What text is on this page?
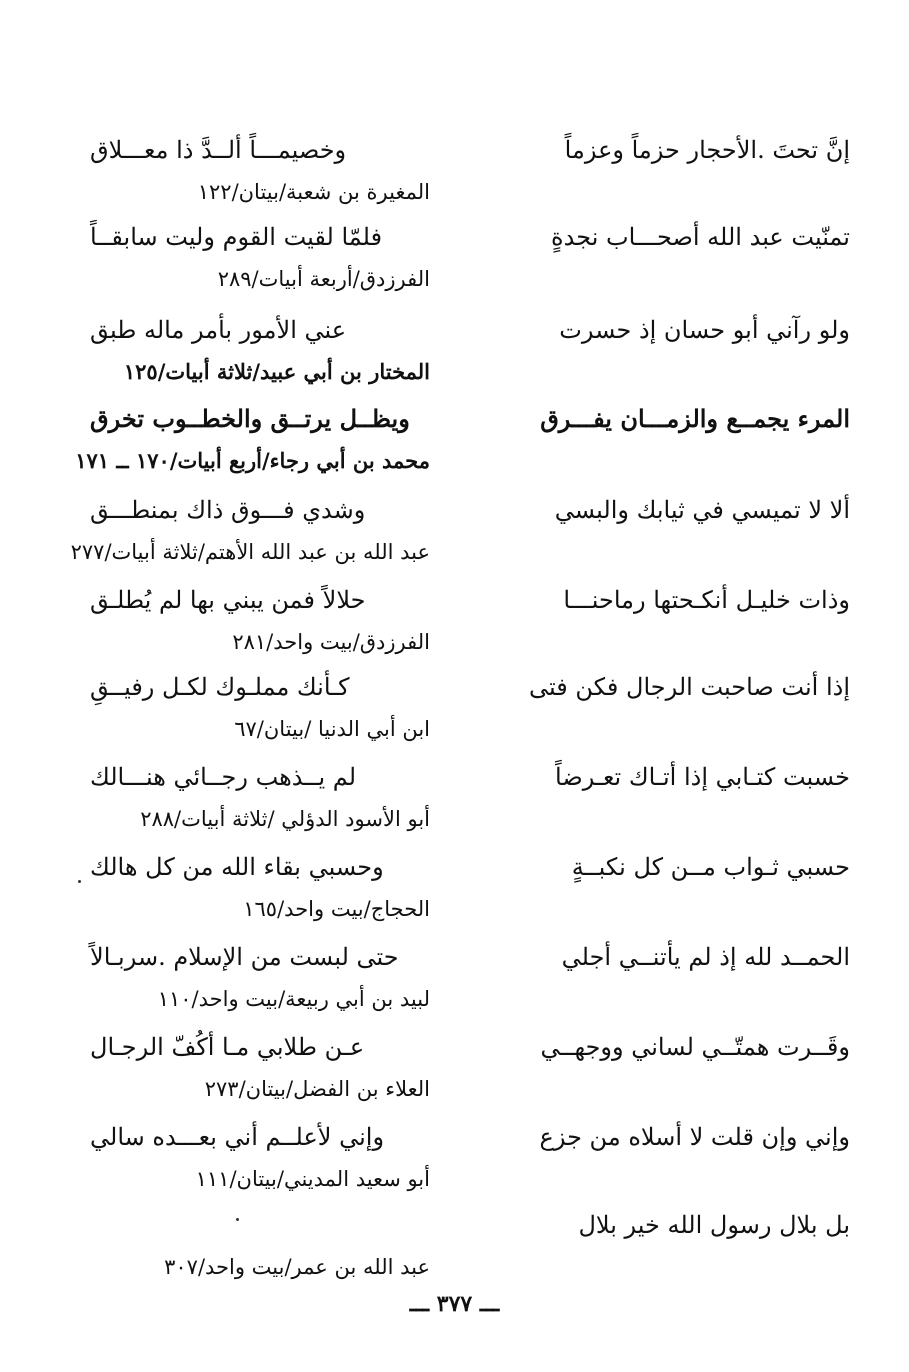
إنَّ تحتَ .الأحجار حزماً وعزماً
وخصيمـــاً ألــدَّ ذا معـــلاق
المغيرة بن شعبة/بيتان/١٢٢
تمنّيت عبد الله أصحـــاب نجدةٍ
فلمّا لقيت القوم وليت سابقــاً
الفرزدق/أربعة أبيات/٢٨٩
ولو رآني أبو حسان إذ حسرت
عني الأمور بأمر ماله طبق
المختار بن أبي عبيد/ثلاثة أبيات/١٢٥
المرء يجمــع والزمـــان يفـــرق
ويظــل يرتــق والخطــوب تخرق
محمد بن أبي رجاء/أربع أبيات/١٧٠ ــ ١٧١
ألا لا تميسي في ثيابك والبسي
وشدي فـــوق ذاك بمنطـــق
عبد الله بن عبد الله الأهتم/ثلاثة أبيات/٢٧٧
وذات خليـل أنكـحتها رماحنـــا
حلالاً فمن يبني بها لم يُطلـق
الفرزدق/بيت واحد/٢٨١
إذا أنت صاحبت الرجال فكن فتى
كـأنك مملـوك لكـل رفيــقِ
ابن أبي الدنيا /بيتان/٦٧
خسبت كتـابي إذا أتـاك تعـرضاً
لم يــذهب رجــائي هنـــالك
أبو الأسود الدؤلي /ثلاثة أبيات/٢٨٨
حسبي ثـواب مــن كل نكبــةٍ
وحسبي بقاء الله من كل هالك
الحجاج/بيت واحد/١٦٥
الحمــد لله إذ لم يأتنــي أجلي
حتى لبست من الإسلام .سربـالاً
لبيد بن أبي ربيعة/بيت واحد/١١٠
وقَــرت همتّــي لساني ووجهــي
عـن طلابي مـا أكُفّ الرجـال
العلاء بن الفضل/بيتان/٢٧٣
وإني وإن قلت لا أسلاه من جزع
وإني لأعلــم أني بعـــده سالي
أبو سعيد المديني/بيتان/١١١
بل بلال رسول الله خير بلال
عبد الله بن عمر/بيت واحد/٣٠٧
ـــ ٣٧٧ ـــ
